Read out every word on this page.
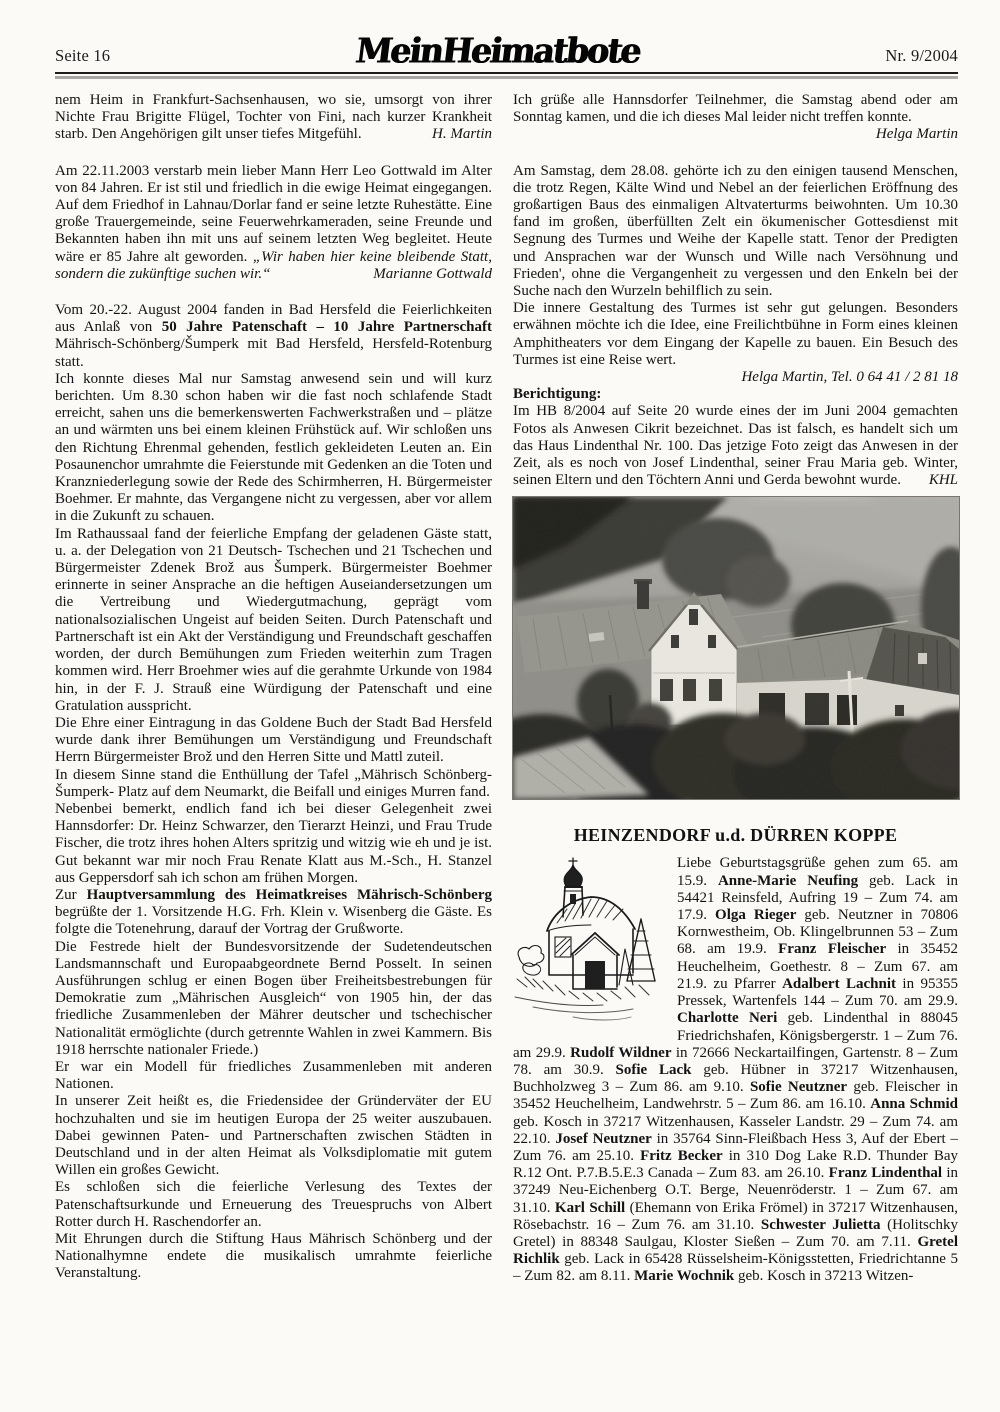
Seite 16	MeinHeimatbote	Nr. 9/2004

nem Heim in Frankfurt-Sachsenhausen, wo sie, umsorgt von ihrer Nichte Frau Brigitte Flügel, Tochter von Fini, nach kurzer Krankheit starb. Den Angehörigen gilt unser tiefes Mitgefühl.	H. Martin

Am 22.11.2003 verstarb mein lieber Mann Herr Leo Gottwald im Alter von 84 Jahren. Er ist stil und friedlich in die ewige Heimat eingegangen. Auf dem Friedhof in Lahnau/Dorlar fand er seine letzte Ruhestätte. Eine große Trauergemeinde, seine Feuerwehrkameraden, seine Freunde und Bekannten haben ihn mit uns auf seinem letzten Weg begleitet. Heute wäre er 85 Jahre alt geworden. „Wir haben hier keine bleibende Statt, sondern die zukünftige suchen wir.“	Marianne Gottwald

Vom 20.-22. August 2004 fanden in Bad Hersfeld die Feierlichkeiten aus Anlaß von 50 Jahre Patenschaft – 10 Jahre Partnerschaft Mährisch-Schönberg/Šumperk mit Bad Hersfeld, Hersfeld-Rotenburg statt.

Ich konnte dieses Mal nur Samstag anwesend sein und will kurz berichten. Um 8.30 schon haben wir die fast noch schlafende Stadt erreicht, sahen uns die bemerkenswerten Fachwerkstraßen und – plätze an und wärmten uns bei einem kleinen Frühstück auf. Wir schloßen uns den Richtung Ehrenmal gehenden, festlich gekleideten Leuten an. Ein Posaunenchor umrahmte die Feierstunde mit Gedenken an die Toten und Kranzniederlegung sowie der Rede des Schirmherren, H. Bürgermeister Boehmer. Er mahnte, das Vergangene nicht zu vergessen, aber vor allem in die Zukunft zu schauen.

Im Rathaussaal fand der feierliche Empfang der geladenen Gäste statt, u. a. der Delegation von 21 Deutsch- Tschechen und 21 Tschechen und Bürgermeister Zdenek Brož aus Šumperk. Bürgermeister Boehmer erinnerte in seiner Ansprache an die heftigen Auseiandersetzungen um die Vertreibung und Wiedergutmachung, geprägt vom nationalsozialischen Ungeist auf beiden Seiten. Durch Patenschaft und Partnerschaft ist ein Akt der Verständigung und Freundschaft geschaffen worden, der durch Bemühungen zum Frieden weiterhin zum Tragen kommen wird. Herr Broehmer wies auf die gerahmte Urkunde von 1984 hin, in der F. J. Strauß eine Würdigung der Patenschaft und eine Gratulation ausspricht.

Die Ehre einer Eintragung in das Goldene Buch der Stadt Bad Hersfeld wurde dank ihrer Bemühungen um Verständigung und Freundschaft Herrn Bürgermeister Brož und den Herren Sitte und Mattl zuteil.

In diesem Sinne stand die Enthüllung der Tafel „Mährisch Schönberg-Šumperk- Platz auf dem Neumarkt, die Beifall und einiges Murren fand.

Nebenbei bemerkt, endlich fand ich bei dieser Gelegenheit zwei Hannsdorfer: Dr. Heinz Schwarzer, den Tierarzt Heinzi, und Frau Trude Fischer, die trotz ihres hohen Alters spritzig und witzig wie eh und je ist. Gut bekannt war mir noch Frau Renate Klatt aus M.-Sch., H. Stanzel aus Geppersdorf sah ich schon am frühen Morgen.

Zur Hauptversammlung des Heimatkreises Mährisch-Schönberg begrüßte der 1. Vorsitzende H.G. Frh. Klein v. Wisenberg die Gäste. Es folgte die Totenehrung, darauf der Vortrag der Grußworte.

Die Festrede hielt der Bundesvorsitzende der Sudetendeutschen Landsmannschaft und Europaabgeordnete Bernd Posselt. In seinen Ausführungen schlug er einen Bogen über Freiheitsbestrebungen für Demokratie zum „Mährischen Ausgleich“ von 1905 hin, der das friedliche Zusammenleben der Mährer deutscher und tschechischer Nationalität ermöglichte (durch getrennte Wahlen in zwei Kammern. Bis 1918 herrschte nationaler Friede.)

Er war ein Modell für friedliches Zusammenleben mit anderen Nationen.

In unserer Zeit heißt es, die Friedensidee der Gründerväter der EU hochzuhalten und sie im heutigen Europa der 25 weiter auszubauen. Dabei gewinnen Paten- und Partnerschaften zwischen Städten in Deutschland und in der alten Heimat als Volksdiplomatie mit gutem Willen ein großes Gewicht.

Es schloßen sich die feierliche Verlesung des Textes der Patenschaftsurkunde und Erneuerung des Treuespruchs von Albert Rotter durch H. Raschendorfer an.

Mit Ehrungen durch die Stiftung Haus Mährisch Schönberg und der Nationalhymne endete die musikalisch umrahmte feierliche Veranstaltung.

Ich grüße alle Hannsdorfer Teilnehmer, die Samstag abend oder am Sonntag kamen, und die ich dieses Mal leider nicht treffen konnte.
Helga Martin

Am Samstag, dem 28.08. gehörte ich zu den einigen tausend Menschen, die trotz Regen, Kälte Wind und Nebel an der feierlichen Eröffnung des großartigen Baus des einmaligen Altvaterturms beiwohnten. Um 10.30 fand im großen, überfüllten Zelt ein ökumenischer Gottesdienst mit Segnung des Turmes und Weihe der Kapelle statt. Tenor der Predigten und Ansprachen war der Wunsch und Wille nach Versöhnung und Frieden', ohne die Vergangenheit zu vergessen und den Enkeln bei der Suche nach den Wurzeln behilflich zu sein.

Die innere Gestaltung des Turmes ist sehr gut gelungen. Besonders erwähnen möchte ich die Idee, eine Freilichtbühne in Form eines kleinen Amphitheaters vor dem Eingang der Kapelle zu bauen. Ein Besuch des Turmes ist eine Reise wert.

Helga Martin, Tel. 0 64 41 / 2 81 18

Berichtigung:

Im HB 8/2004 auf Seite 20 wurde eines der im Juni 2004 gemachten Fotos als Anwesen Cikrit bezeichnet. Das ist falsch, es handelt sich um das Haus Lindenthal Nr. 100. Das jetzige Foto zeigt das Anwesen in der Zeit, als es noch von Josef Lindenthal, seiner Frau Maria geb. Winter, seinen Eltern und den Töchtern Anni und Gerda bewohnt wurde.	KHL

HEINZENDORF u.d. DÜRREN KOPPE

Liebe Geburtstagsgrüße gehen zum 65. am 15.9. Anne-Marie Neufing geb. Lack in 54421 Reinsfeld, Aufring 19 – Zum 74. am 17.9. Olga Rieger geb. Neutzner in 70806 Kornwestheim, Ob. Klingelbrunnen 53 – Zum 68. am 19.9. Franz Fleischer in 35452 Heuchelheim, Goethestr. 8 – Zum 67. am 21.9. zu Pfarrer Adalbert Lachnit in 95355 Pressek, Wartenfels 144 – Zum 70. am 29.9. Charlotte Neri geb. Lindenthal in 88045 Friedrichshafen, Königsbergerstr. 1 – Zum 76. am 29.9. Rudolf Wildner in 72666 Neckartailfingen, Gartenstr. 8 – Zum 78. am 30.9. Sofie Lack geb. Hübner in 37217 Witzenhausen, Buchholzweg 3 – Zum 86. am 9.10. Sofie Neutzner geb. Fleischer in 35452 Heuchelheim, Landwehrstr. 5 – Zum 86. am 16.10. Anna Schmid geb. Kosch in 37217 Witzenhausen, Kasseler Landstr. 29 – Zum 74. am 22.10. Josef Neutzner in 35764 Sinn-Fleißbach Hess 3, Auf der Ebert – Zum 76. am 25.10. Fritz Becker in 310 Dog Lake R.D. Thunder Bay R.12 Ont. P.7.B.5.E.3 Canada – Zum 83. am 26.10. Franz Lindenthal in 37249 Neu-Eichenberg O.T. Berge, Neuenröderstr. 1 – Zum 67. am 31.10. Karl Schill (Ehemann von Erika Frömel) in 37217 Witzenhausen, Rösebachstr. 16 – Zum 76. am 31.10. Schwester Julietta (Holitschky Gretel) in 88348 Saulgau, Kloster Sießen – Zum 70. am 7.11. Gretel Richlik geb. Lack in 65428 Rüsselsheim-Königsstetten, Friedrichtanne 5 – Zum 82. am 8.11. Marie Wochnik geb. Kosch in 37213 Witzen-
